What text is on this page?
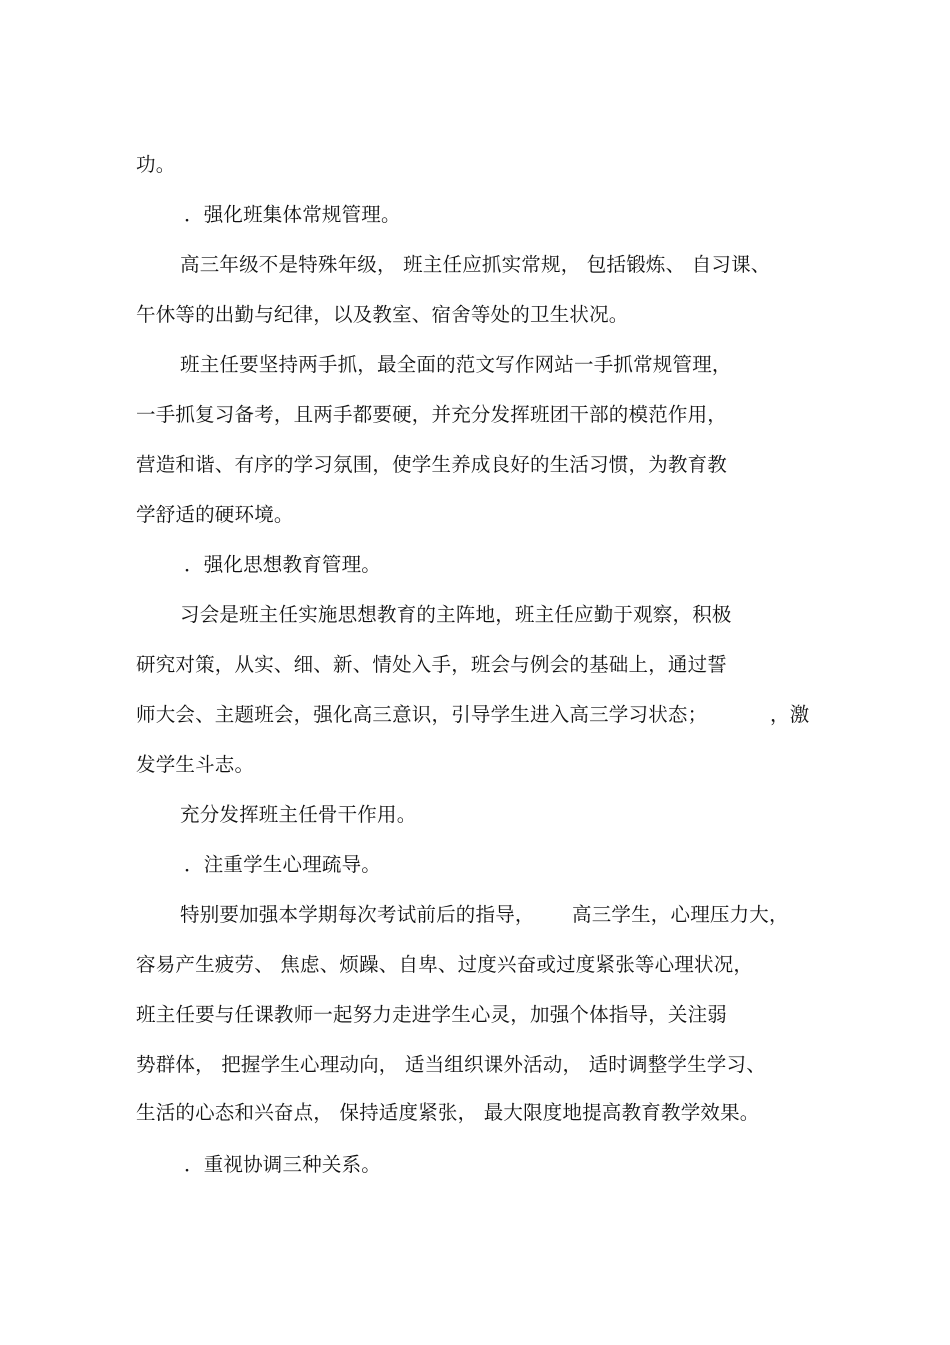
功。
．强化班集体常规管理。
高三年级不是特殊年级， 班主任应抓实常规， 包括锻炼、 自习课、
午休等的出勤与纪律，以及教室、宿舍等处的卫生状况。
班主任要坚持两手抓，最全面的范文写作网站一手抓常规管理，
一手抓复习备考，且两手都要硬，并充分发挥班团干部的模范作用，
营造和谐、有序的学习氛围，使学生养成良好的生活习惯，为教育教
学舒适的硬环境。
．强化思想教育管理。
习会是班主任实施思想教育的主阵地，班主任应勤于观察，积极
研究对策，从实、细、新、情处入手，班会与例会的基础上，通过誓
师大会、主题班会，强化高三意识，引导学生进入高三学习状态；	，激
发学生斗志。
充分发挥班主任骨干作用。
．注重学生心理疏导。
特别要加强本学期每次考试前后的指导， 高三学生，心理压力大，
容易产生疲劳、 焦虑、烦躁、自卑、过度兴奋或过度紧张等心理状况，
班主任要与任课教师一起努力走进学生心灵，加强个体指导，关注弱
势群体， 把握学生心理动向， 适当组织课外活动， 适时调整学生学习、
生活的心态和兴奋点， 保持适度紧张， 最大限度地提高教育教学效果。
．重视协调三种关系。
